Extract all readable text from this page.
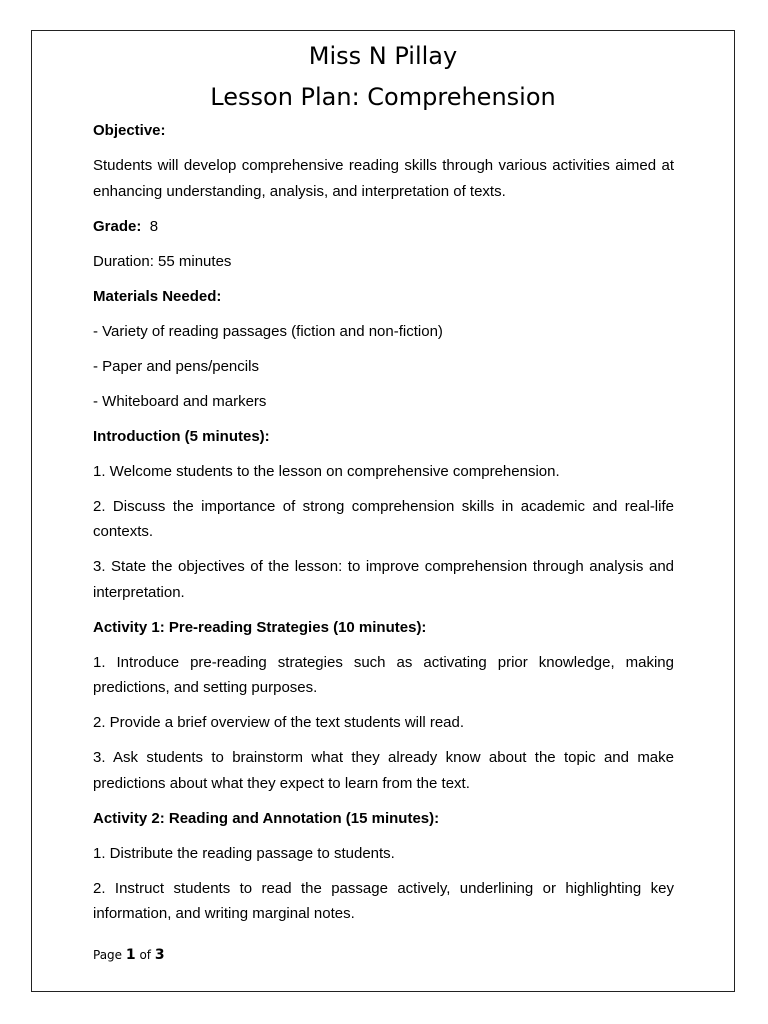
Miss N Pillay
Lesson Plan: Comprehension

Objective:

Students will develop comprehensive reading skills through various activities aimed at enhancing understanding, analysis, and interpretation of texts.

Grade: 8

Duration: 55 minutes

Materials Needed:

- Variety of reading passages (fiction and non-fiction)

- Paper and pens/pencils

- Whiteboard and markers

Introduction (5 minutes):

1. Welcome students to the lesson on comprehensive comprehension.

2. Discuss the importance of strong comprehension skills in academic and real-life contexts.

3. State the objectives of the lesson: to improve comprehension through analysis and interpretation.

Activity 1: Pre-reading Strategies (10 minutes):

1. Introduce pre-reading strategies such as activating prior knowledge, making predictions, and setting purposes.

2. Provide a brief overview of the text students will read.

3. Ask students to brainstorm what they already know about the topic and make predictions about what they expect to learn from the text.

Activity 2: Reading and Annotation (15 minutes):

1. Distribute the reading passage to students.

2. Instruct students to read the passage actively, underlining or highlighting key information, and writing marginal notes.

Page 1 of 3
